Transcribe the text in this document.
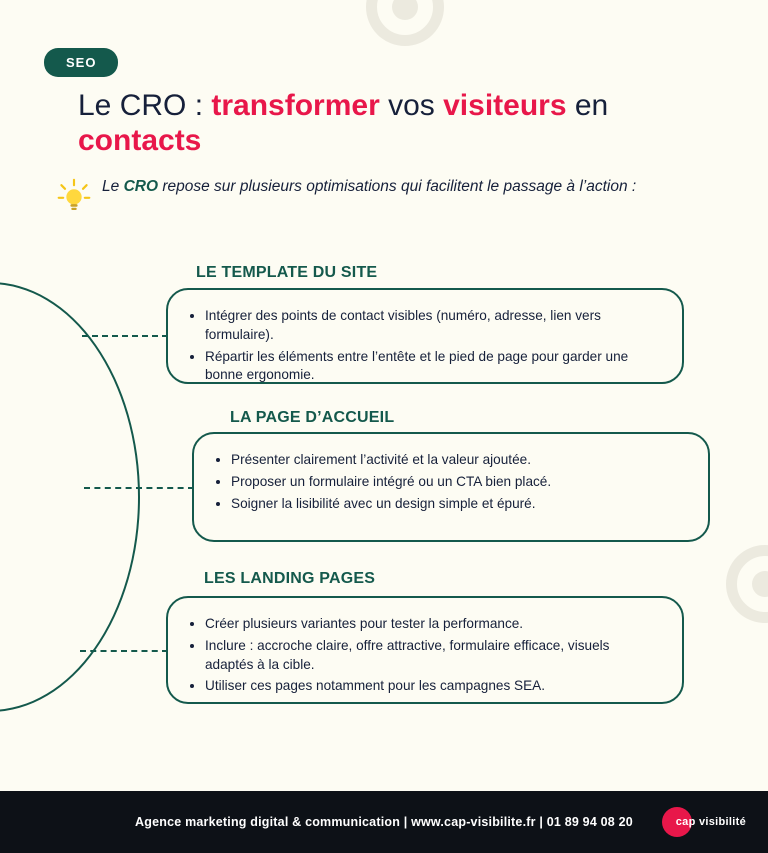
SEO
Le CRO : transformer vos visiteurs en contacts
Le CRO repose sur plusieurs optimisations qui facilitent le passage à l’action :
LE TEMPLATE DU SITE
Intégrer des points de contact visibles (numéro, adresse, lien vers formulaire).
Répartir les éléments entre l’entête et le pied de page pour garder une bonne ergonomie.
LA PAGE D’ACCUEIL
Présenter clairement l’activité et la valeur ajoutée.
Proposer un formulaire intégré ou un CTA bien placé.
Soigner la lisibilité avec un design simple et épuré.
LES LANDING PAGES
Créer plusieurs variantes pour tester la performance.
Inclure : accroche claire, offre attractive, formulaire efficace, visuels adaptés à la cible.
Utiliser ces pages notamment pour les campagnes SEA.
Agence marketing digital & communication | www.cap-visibilite.fr | 01 89 94 08 20	cap visibilité
